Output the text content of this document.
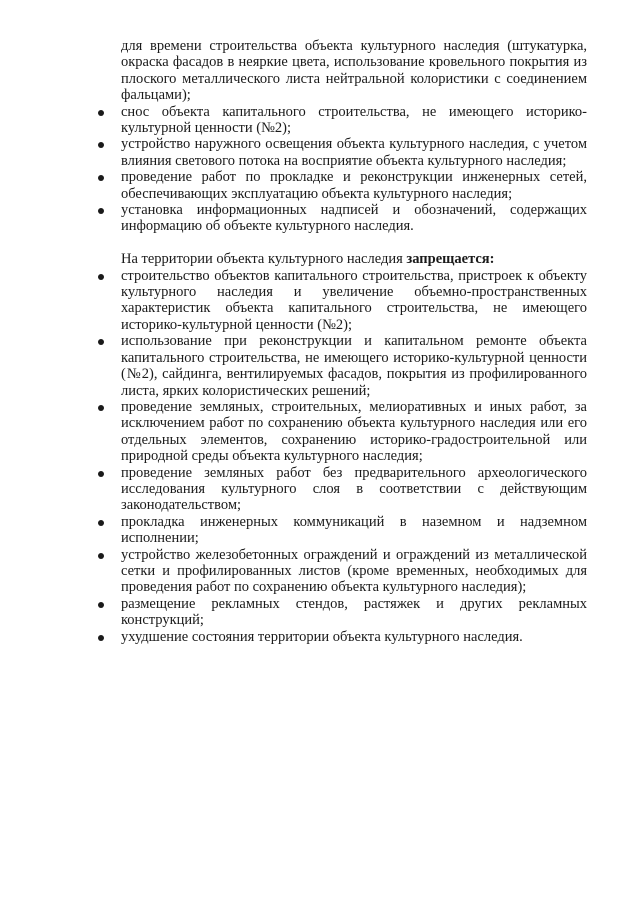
для времени строительства объекта культурного наследия (штукатурка, окраска фасадов в неяркие цвета, использование кровельного покрытия из плоского металлического листа нейтральной колористики с соединением фальцами);

снос объекта капитального строительства, не имеющего историко-культурной ценности (№2);
устройство наружного освещения объекта культурного наследия, с учетом влияния светового потока на восприятие объекта культурного наследия;
проведение работ по прокладке и реконструкции инженерных сетей, обеспечивающих эксплуатацию объекта культурного наследия;
установка информационных надписей и обозначений, содержащих информацию об объекте культурного наследия.

На территории объекта культурного наследия запрещается:

строительство объектов капитального строительства, пристроек к объекту культурного наследия и увеличение объемно-пространственных характеристик объекта капитального строительства, не имеющего историко-культурной ценности (№2);
использование при реконструкции и капитальном ремонте объекта капитального строительства, не имеющего историко-культурной ценности (№2), сайдинга, вентилируемых фасадов, покрытия из профилированного листа, ярких колористических решений;
проведение земляных, строительных, мелиоративных и иных работ, за исключением работ по сохранению объекта культурного наследия или его отдельных элементов, сохранению историко-градостроительной или природной среды объекта культурного наследия;
проведение земляных работ без предварительного археологического исследования культурного слоя в соответствии с действующим законодательством;
прокладка инженерных коммуникаций в наземном и надземном исполнении;
устройство железобетонных ограждений и ограждений из металлической сетки и профилированных листов (кроме временных, необходимых для проведения работ по сохранению объекта культурного наследия);
размещение рекламных стендов, растяжек и других рекламных конструкций;
ухудшение состояния территории объекта культурного наследия.
